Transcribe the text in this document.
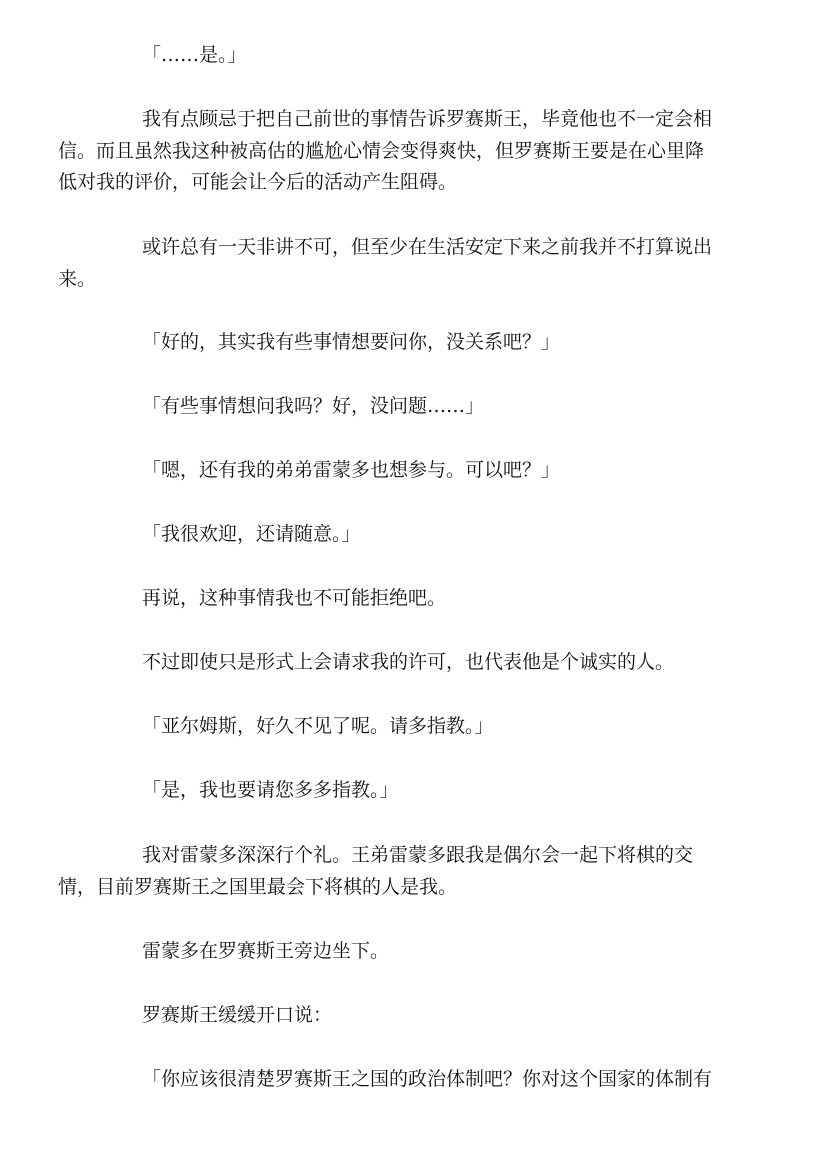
「……是。」

我有点顾忌于把自己前世的事情告诉罗赛斯王，毕竟他也不一定会相
信。而且虽然我这种被高估的尴尬心情会变得爽快，但罗赛斯王要是在心里降
低对我的评价，可能会让今后的活动产生阻碍。

或许总有一天非讲不可，但至少在生活安定下来之前我并不打算说出
来。

「好的，其实我有些事情想要问你，没关系吧？」

「有些事情想问我吗？好，没问题……」

「嗯，还有我的弟弟雷蒙多也想参与。可以吧？」

「我很欢迎，还请随意。」

再说，这种事情我也不可能拒绝吧。

不过即使只是形式上会请求我的许可，也代表他是个诚实的人。

「亚尔姆斯，好久不见了呢。请多指教。」

「是，我也要请您多多指教。」

我对雷蒙多深深行个礼。王弟雷蒙多跟我是偶尔会一起下将棋的交
情，目前罗赛斯王之国里最会下将棋的人是我。

雷蒙多在罗赛斯王旁边坐下。

罗赛斯王缓缓开口说：

「你应该很清楚罗赛斯王之国的政治体制吧？你对这个国家的体制有
